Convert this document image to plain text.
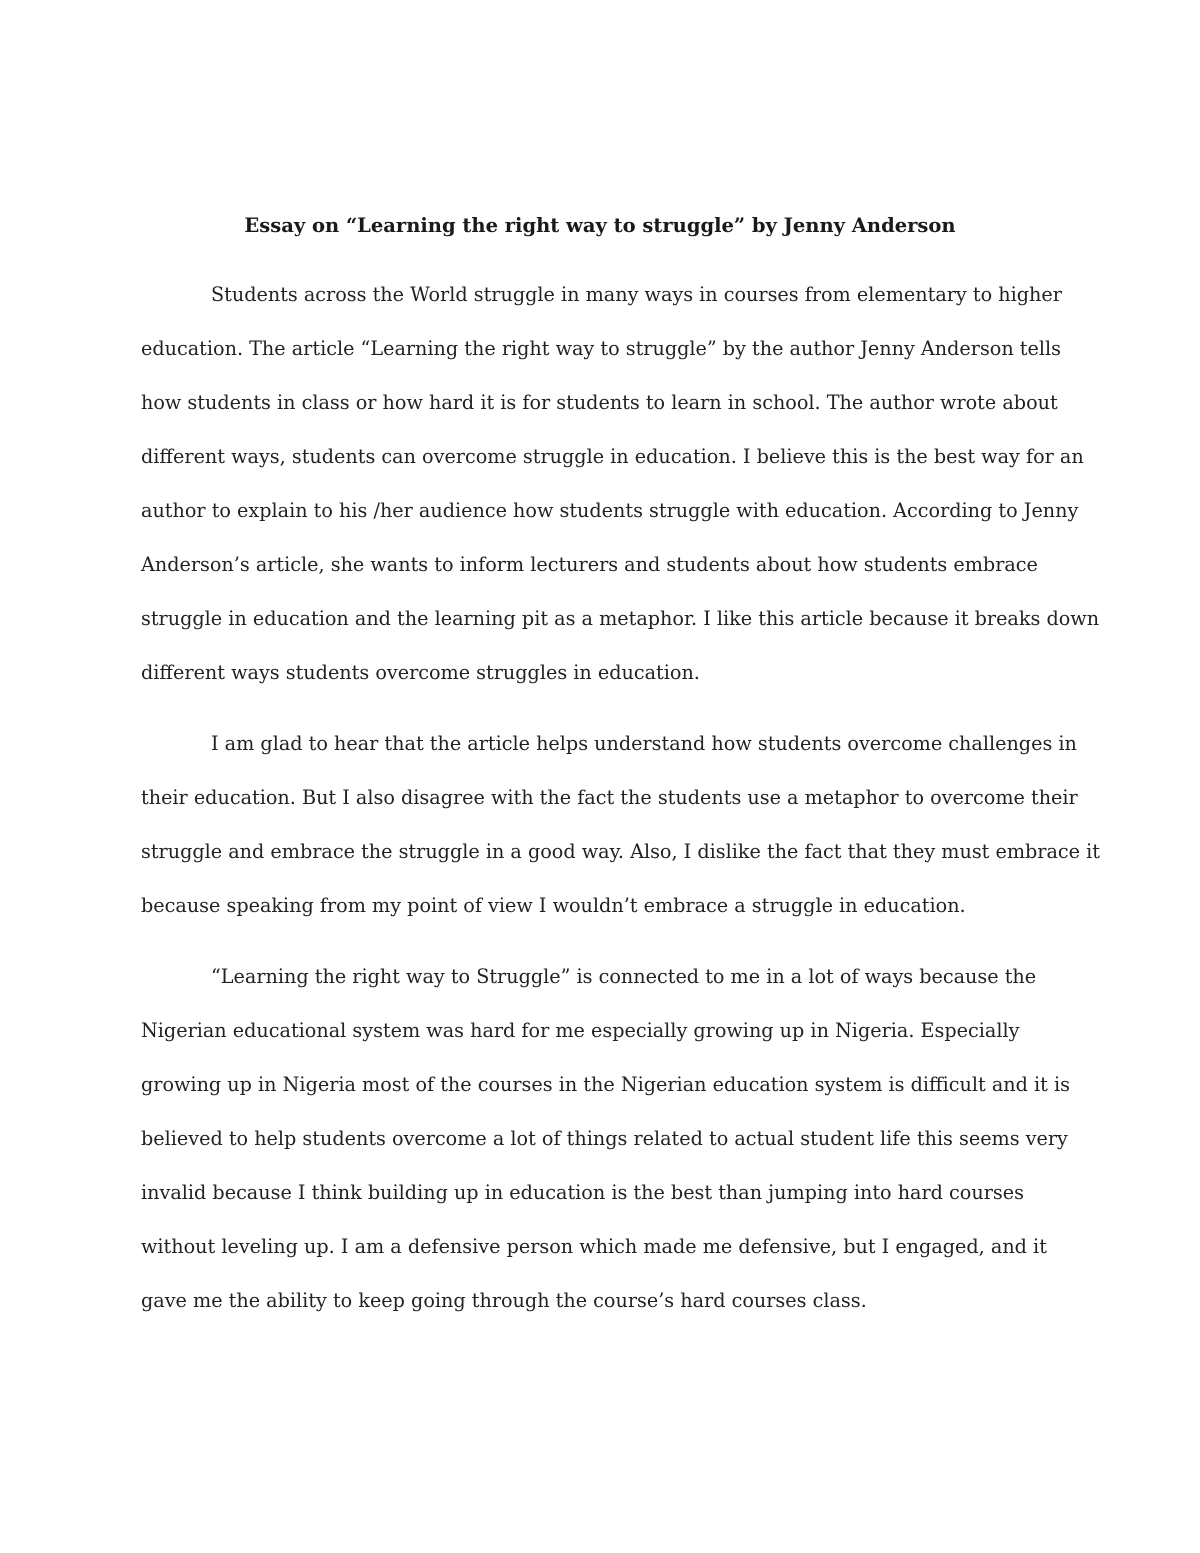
Essay on “Learning the right way to struggle” by Jenny Anderson
Students across the World struggle in many ways in courses from elementary to higher
education. The article “Learning the right way to struggle” by the author Jenny Anderson tells
how students in class or how hard it is for students to learn in school. The author wrote about
different ways, students can overcome struggle in education. I believe this is the best way for an
author to explain to his /her audience how students struggle with education. According to Jenny
Anderson’s article, she wants to inform lecturers and students about how students embrace
struggle in education and the learning pit as a metaphor. I like this article because it breaks down
different ways students overcome struggles in education.
I am glad to hear that the article helps understand how students overcome challenges in
their education. But I also disagree with the fact the students use a metaphor to overcome their
struggle and embrace the struggle in a good way. Also, I dislike the fact that they must embrace it
because speaking from my point of view I wouldn’t embrace a struggle in education.
“Learning the right way to Struggle” is connected to me in a lot of ways because the
Nigerian educational system was hard for me especially growing up in Nigeria. Especially
growing up in Nigeria most of the courses in the Nigerian education system is difficult and it is
believed to help students overcome a lot of things related to actual student life this seems very
invalid because I think building up in education is the best than jumping into hard courses
without leveling up. I am a defensive person which made me defensive, but I engaged, and it
gave me the ability to keep going through the course’s hard courses class.
